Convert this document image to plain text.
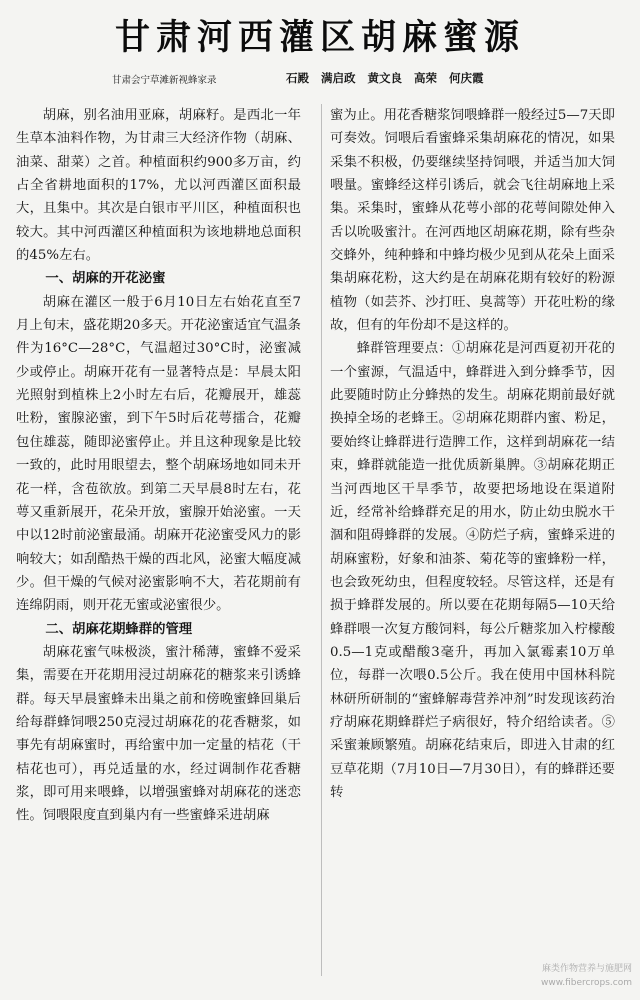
甘肃河西灌区胡麻蜜源
甘肃会宁草滩新视蜂家录	石殿 满启政 黄文良 高荣 何庆霞

胡麻，别名油用亚麻，胡麻籽。是西北一年生草本油料作物，为甘肃三大经济作物（胡麻、油菜、甜菜）之首。种植面积约900多万亩，约占全省耕地面积的17%，尤以河西灌区面积最大，且集中。其次是白银市平川区，种植面积也较大。其中河西灌区种植面积为该地耕地总面积的45%左右。

一、胡麻的开花泌蜜

胡麻在灌区一般于6月10日左右始花直至7月上旬末，盛花期20多天。开花泌蜜适宜气温条件为16°C—28°C，气温超过30°C时，泌蜜减少或停止。胡麻开花有一显著特点是：早晨太阳光照射到植株上2小时左右后，花瓣展开，雄蕊吐粉，蜜腺泌蜜，到下午5时后花萼擂合，花瓣包住雄蕊，随即泌蜜停止。并且这种现象是比较一致的，此时用眼望去，整个胡麻场地如同未开花一样，含苞欲放。到第二天早晨8时左右，花萼又重新展开，花朵开放，蜜腺开始泌蜜。一天中以12时前泌蜜最涌。胡麻开花泌蜜受风力的影响较大；如刮酷热干燥的西北风，泌蜜大幅度减少。但干燥的气候对泌蜜影响不大，若花期前有连绵阴雨，则开花无蜜或泌蜜很少。

二、胡麻花期蜂群的管理

胡麻花蜜气味极淡，蜜汁稀薄，蜜蜂不爱采集，需要在开花期用浸过胡麻花的糖浆来引诱蜂群。每天早晨蜜蜂未出巢之前和傍晚蜜蜂回巢后给每群蜂饲喂250克浸过胡麻花的花香糖浆，如事先有胡麻蜜时，再给蜜中加一定量的桔花（干桔花也可），再兑适量的水，经过调制作花香糖浆，即可用来喂蜂，以增强蜜蜂对胡麻花的迷恋性。饲喂限度直到巢内有一些蜜蜂采进胡麻

蜜为止。用花香糖浆饲喂蜂群一般经过5—7天即可奏效。饲喂后看蜜蜂采集胡麻花的情况，如果采集不积极，仍要继续坚持饲喂，并适当加大饲喂量。蜜蜂经这样引诱后，就会飞往胡麻地上采集。采集时，蜜蜂从花萼小部的花萼间隙处伸入舌以吮吸蜜汁。在河西地区胡麻花期，除有些杂交蜂外，纯种蜂和中蜂均极少见到从花朵上面采集胡麻花粉，这大约是在胡麻花期有较好的粉源植物（如芸芥、沙打旺、臭蒿等）开花吐粉的缘故，但有的年份却不是这样的。

蜂群管理要点：①胡麻花是河西夏初开花的一个蜜源，气温适中，蜂群进入到分蜂季节，因此要随时防止分蜂热的发生。胡麻花期前最好就换掉全场的老蜂王。②胡麻花期群内蜜、粉足，要始终让蜂群进行造脾工作，这样到胡麻花一结束，蜂群就能造一批优质新巢脾。③胡麻花期正当河西地区干旱季节，故要把场地设在渠道附近，经常补给蜂群充足的用水，防止幼虫脱水干涸和阻碍蜂群的发展。④防烂子病，蜜蜂采进的胡麻蜜粉，好象和油茶、菊花等的蜜蜂粉一样，也会致死幼虫，但程度较轻。尽管这样，还是有损于蜂群发展的。所以要在花期每隔5—10天给蜂群喂一次复方酸饲料，每公斤糖浆加入柠檬酸0.5—1克或醋酸3毫升，再加入氯霉素10万单位，每群一次喂0.5公斤。我在使用中国林科院林研所研制的“蜜蜂解毒营养冲剂”时发现该药治疗胡麻花期蜂群烂子病很好，特介绍给读者。⑤采蜜兼顾繁殖。胡麻花结束后，即进入甘肃的红豆草花期（7月10日—7月30日），有的蜂群还要转

麻类作物营养与施肥网
www.fibercrops.com
